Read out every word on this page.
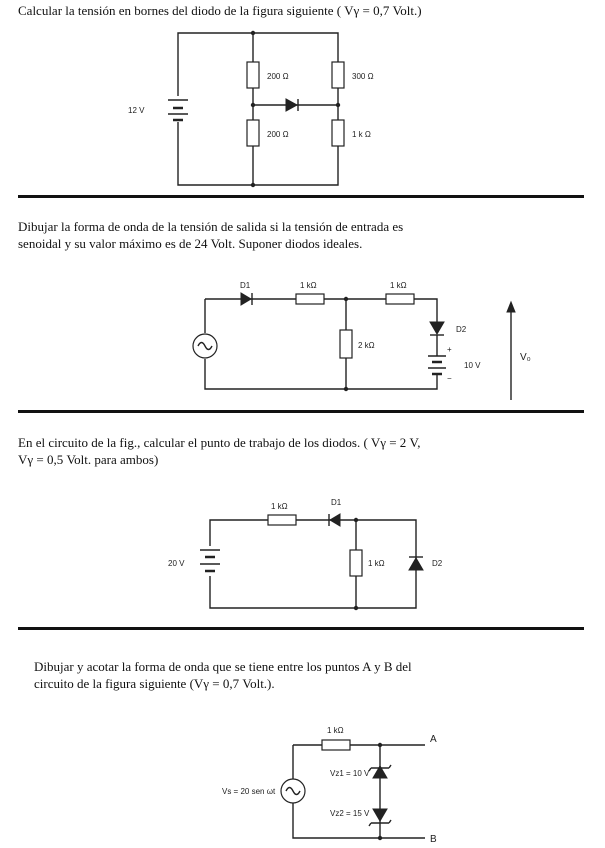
Calcular la tensión en bornes del diodo de la figura siguiente ( Vγ = 0,7 Volt.)
12 V
200 Ω	300 Ω
200 Ω	1 k Ω
Dibujar la forma de onda de la tensión de salida si la tensión de entrada es
senoidal y su valor máximo es de 24 Volt. Suponer diodos ideales.
D1	1 kΩ	1 kΩ
2 kΩ
D2
+
−
10 V
V₀
En el circuito de la fig., calcular el punto de trabajo de los diodos. ( Vγ = 2 V,
Vγ = 0,5 Volt. para ambos)
20 V
1 kΩ	D1
1 kΩ	D2
Dibujar y acotar la forma de onda que se tiene entre los puntos A y B del
circuito de la figura siguiente (Vγ = 0,7 Volt.).
1 kΩ
A
B
Vs = 20 sen ωt
Vz1 = 10 V
Vz2 = 15 V
